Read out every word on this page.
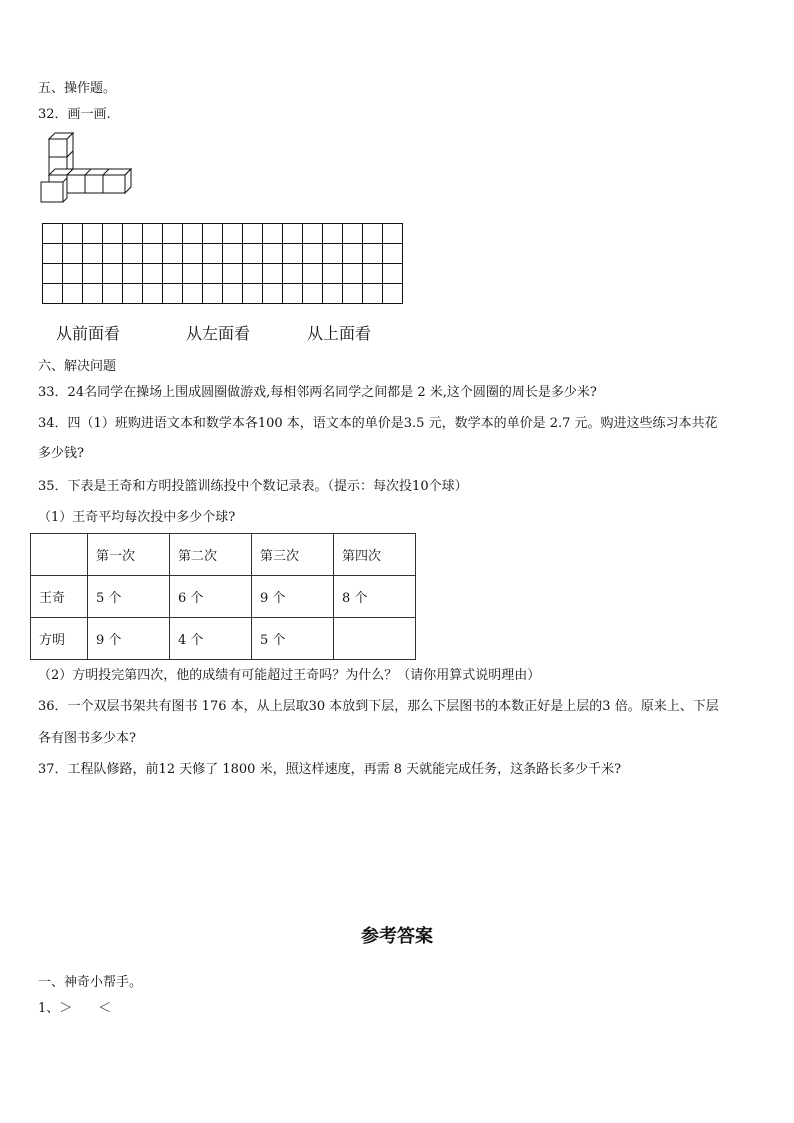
五、操作题。
32．画一画.

从前面看	从左面看	从上面看
六、解决问题
33．24名同学在操场上围成圆圈做游戏,每相邻两名同学之间都是 2 米,这个圆圈的周长是多少米?
34．四（1）班购进语文本和数学本各100 本，语文本的单价是3.5 元，数学本的单价是 2.7 元。购进这些练习本共花
多少钱?
35．下表是王奇和方明投篮训练投中个数记录表。（提示：每次投10个球）
（1）王奇平均每次投中多少个球?
	第一次	第二次	第三次	第四次
王奇	5 个	6 个	9 个	8 个
方明	9 个	4 个	5 个	
（2）方明投完第四次，他的成绩有可能超过王奇吗？为什么？（请你用算式说明理由）
36．一个双层书架共有图书 176 本，从上层取30 本放到下层，那么下层图书的本数正好是上层的3 倍。原来上、下层
各有图书多少本?
37．工程队修路，前12 天修了 1800 米，照这样速度，再需 8 天就能完成任务，这条路长多少千米?
参考答案
一、神奇小帮手。
1、＞　　＜
